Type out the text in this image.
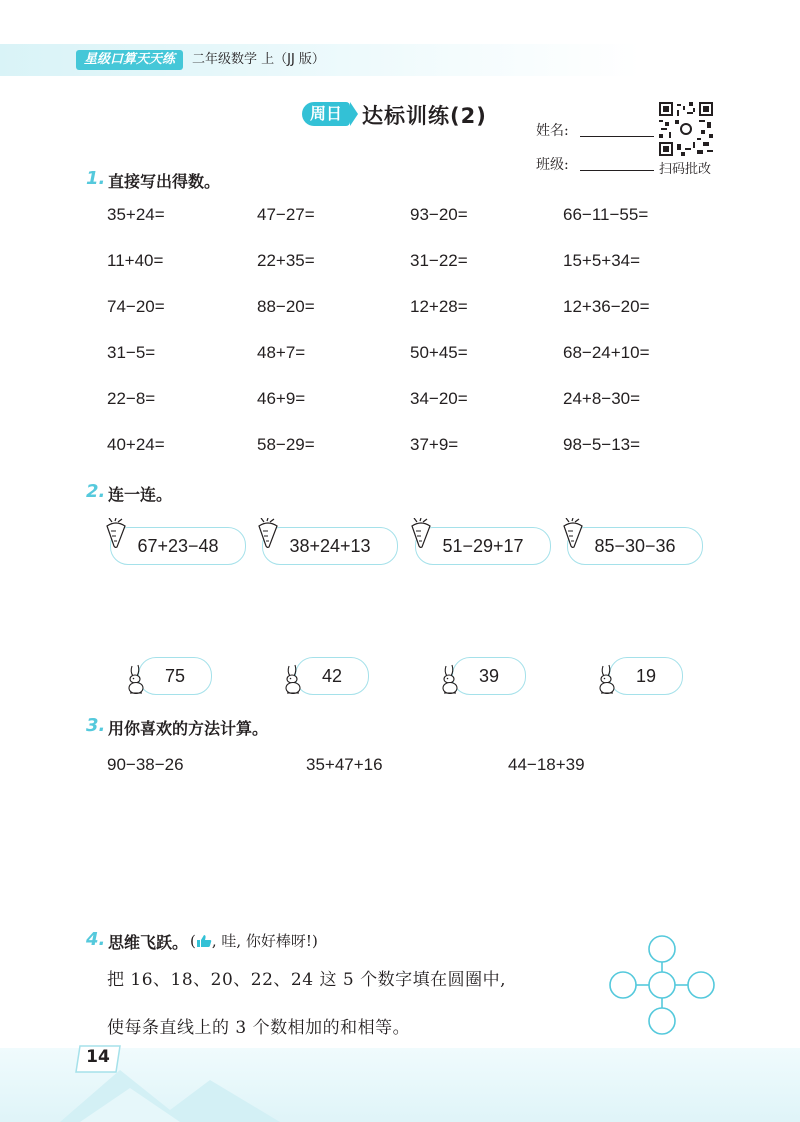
星级口算天天练	二年级数学 上（JJ 版）
周日 达标训练(2)
姓名:
班级:	扫码批改
1. 直接写出得数。
35+24=	47−27=	93−20=	66−11−55=
11+40=	22+35=	31−22=	15+5+34=
74−20=	88−20=	12+28=	12+36−20=
31−5=	48+7=	50+45=	68−24+10=
22−8=	46+9=	34−20=	24+8−30=
40+24=	58−29=	37+9=	98−5−13=
2. 连一连。
67+23−48	38+24+13	51−29+17	85−30−36
75	42	39	19
3. 用你喜欢的方法计算。
90−38−26	35+47+16	44−18+39
4. 思维飞跃。 ( , 哇, 你好棒呀!)
把 16、18、20、22、24 这 5 个数字填在圆圈中,
使每条直线上的 3 个数相加的和相等。
14
